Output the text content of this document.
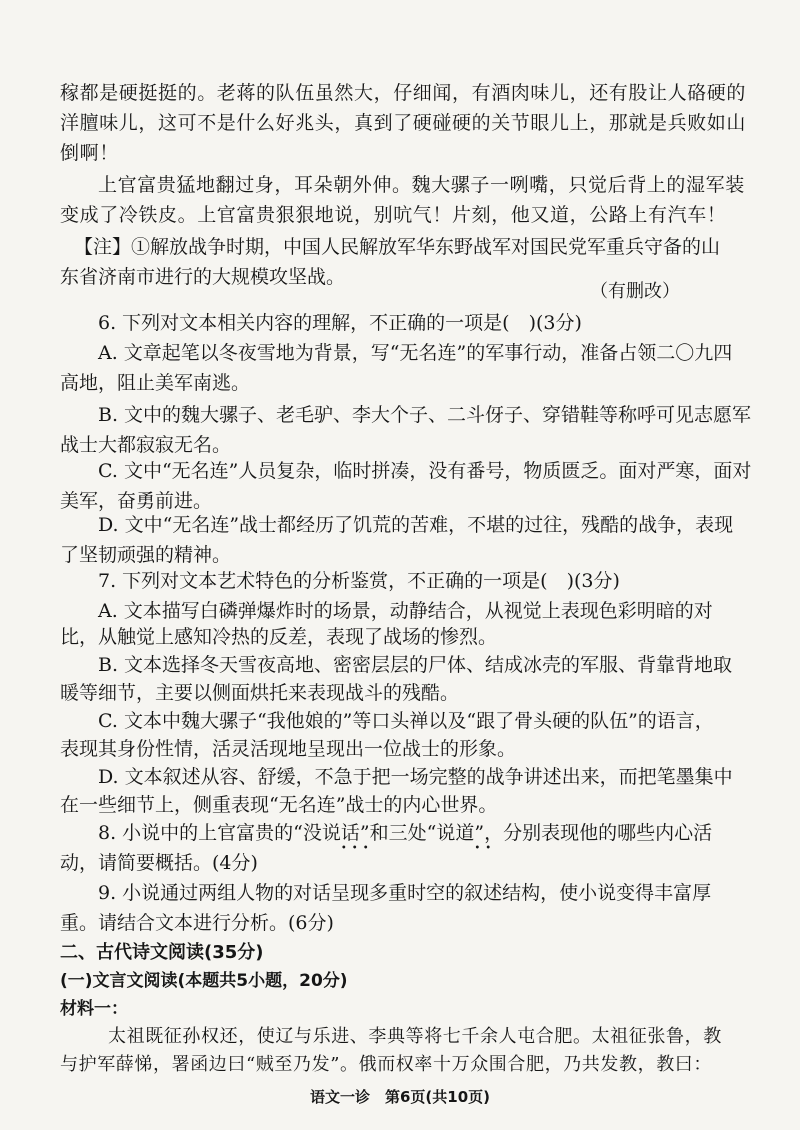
稼都是硬挺挺的。老蒋的队伍虽然大，仔细闻，有酒肉味儿，还有股让人硌硬的

洋膻味儿，这可不是什么好兆头，真到了硬碰硬的关节眼儿上，那就是兵败如山

倒啊！

上官富贵猛地翻过身，耳朵朝外伸。魏大骡子一咧嘴，只觉后背上的湿军装

变成了冷铁皮。上官富贵狠狠地说，别吭气！片刻，他又道，公路上有汽车！

【注】①解放战争时期，中国人民解放军华东野战军对国民党军重兵守备的山

东省济南市进行的大规模攻坚战。

（有删改）

6. 下列对文本相关内容的理解，不正确的一项是(　)(3分)

A. 文章起笔以冬夜雪地为背景，写“无名连”的军事行动，准备占领二〇九四

高地，阻止美军南逃。

B. 文中的魏大骡子、老毛驴、李大个子、二斗伢子、穿错鞋等称呼可见志愿军

战士大都寂寂无名。

C. 文中“无名连”人员复杂，临时拼凑，没有番号，物质匮乏。面对严寒，面对

美军，奋勇前进。

D. 文中“无名连”战士都经历了饥荒的苦难，不堪的过往，残酷的战争，表现

了坚韧顽强的精神。

7. 下列对文本艺术特色的分析鉴赏，不正确的一项是(　)(3分)

A. 文本描写白磷弹爆炸时的场景，动静结合，从视觉上表现色彩明暗的对

比，从触觉上感知冷热的反差，表现了战场的惨烈。

B. 文本选择冬天雪夜高地、密密层层的尸体、结成冰壳的军服、背靠背地取

暖等细节，主要以侧面烘托来表现战斗的残酷。

C. 文本中魏大骡子“我他娘的”等口头禅以及“跟了骨头硬的队伍”的语言，

表现其身份性情，活灵活现地呈现出一位战士的形象。

D. 文本叙述从容、舒缓，不急于把一场完整的战争讲述出来，而把笔墨集中

在一些细节上，侧重表现“无名连”战士的内心世界。

8. 小说中的上官富贵的“没说话 • • •”和三处“说道 • •”，分别表现他的哪些内心活

动，请简要概括。(4分)

9. 小说通过两组人物的对话呈现多重时空的叙述结构，使小说变得丰富厚

重。请结合文本进行分析。(6分)

二、古代诗文阅读(35分)

(一)文言文阅读(本题共5小题，20分)

材料一：

太祖既征孙权还，使辽与乐进、李典等将七千余人屯合肥。太祖征张鲁，教

与护军薛悌，署函边曰“贼至乃发”。俄而权率十万众围合肥，乃共发教，教曰：

语文一诊　第6页(共10页)
